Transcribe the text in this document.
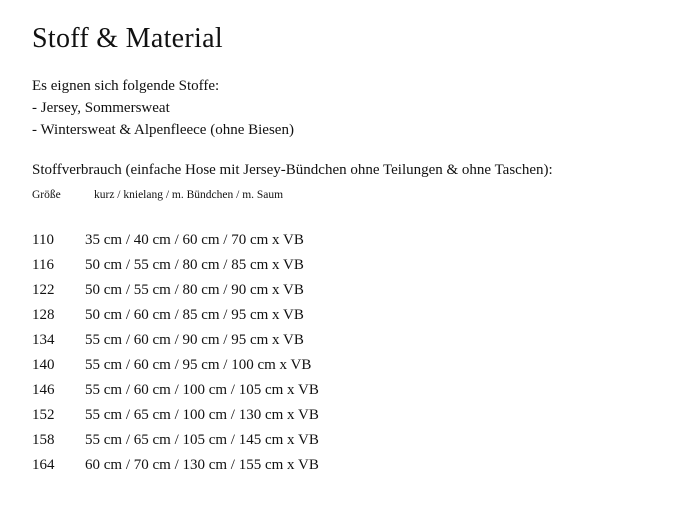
Stoff & Material
Es eignen sich folgende Stoffe:
- Jersey, Sommersweat
- Wintersweat & Alpenfleece (ohne Biesen)
Stoffverbrauch (einfache Hose mit Jersey-Bündchen ohne Teilungen & ohne Taschen):
Größe	kurz / knielang / m. Bündchen / m. Saum
110	35 cm / 40 cm / 60 cm / 70 cm x VB
116	50 cm / 55 cm / 80 cm / 85 cm x VB
122	50 cm / 55 cm / 80 cm / 90 cm x VB
128	50 cm / 60 cm / 85 cm / 95 cm x VB
134	55 cm / 60 cm / 90 cm / 95 cm x VB
140	55 cm / 60 cm / 95 cm / 100 cm x VB
146	55 cm / 60 cm / 100 cm / 105 cm x VB
152	55 cm / 65 cm / 100 cm / 130 cm x VB
158	55 cm / 65 cm / 105 cm / 145 cm x VB
164	60 cm / 70 cm / 130 cm / 155 cm x VB
